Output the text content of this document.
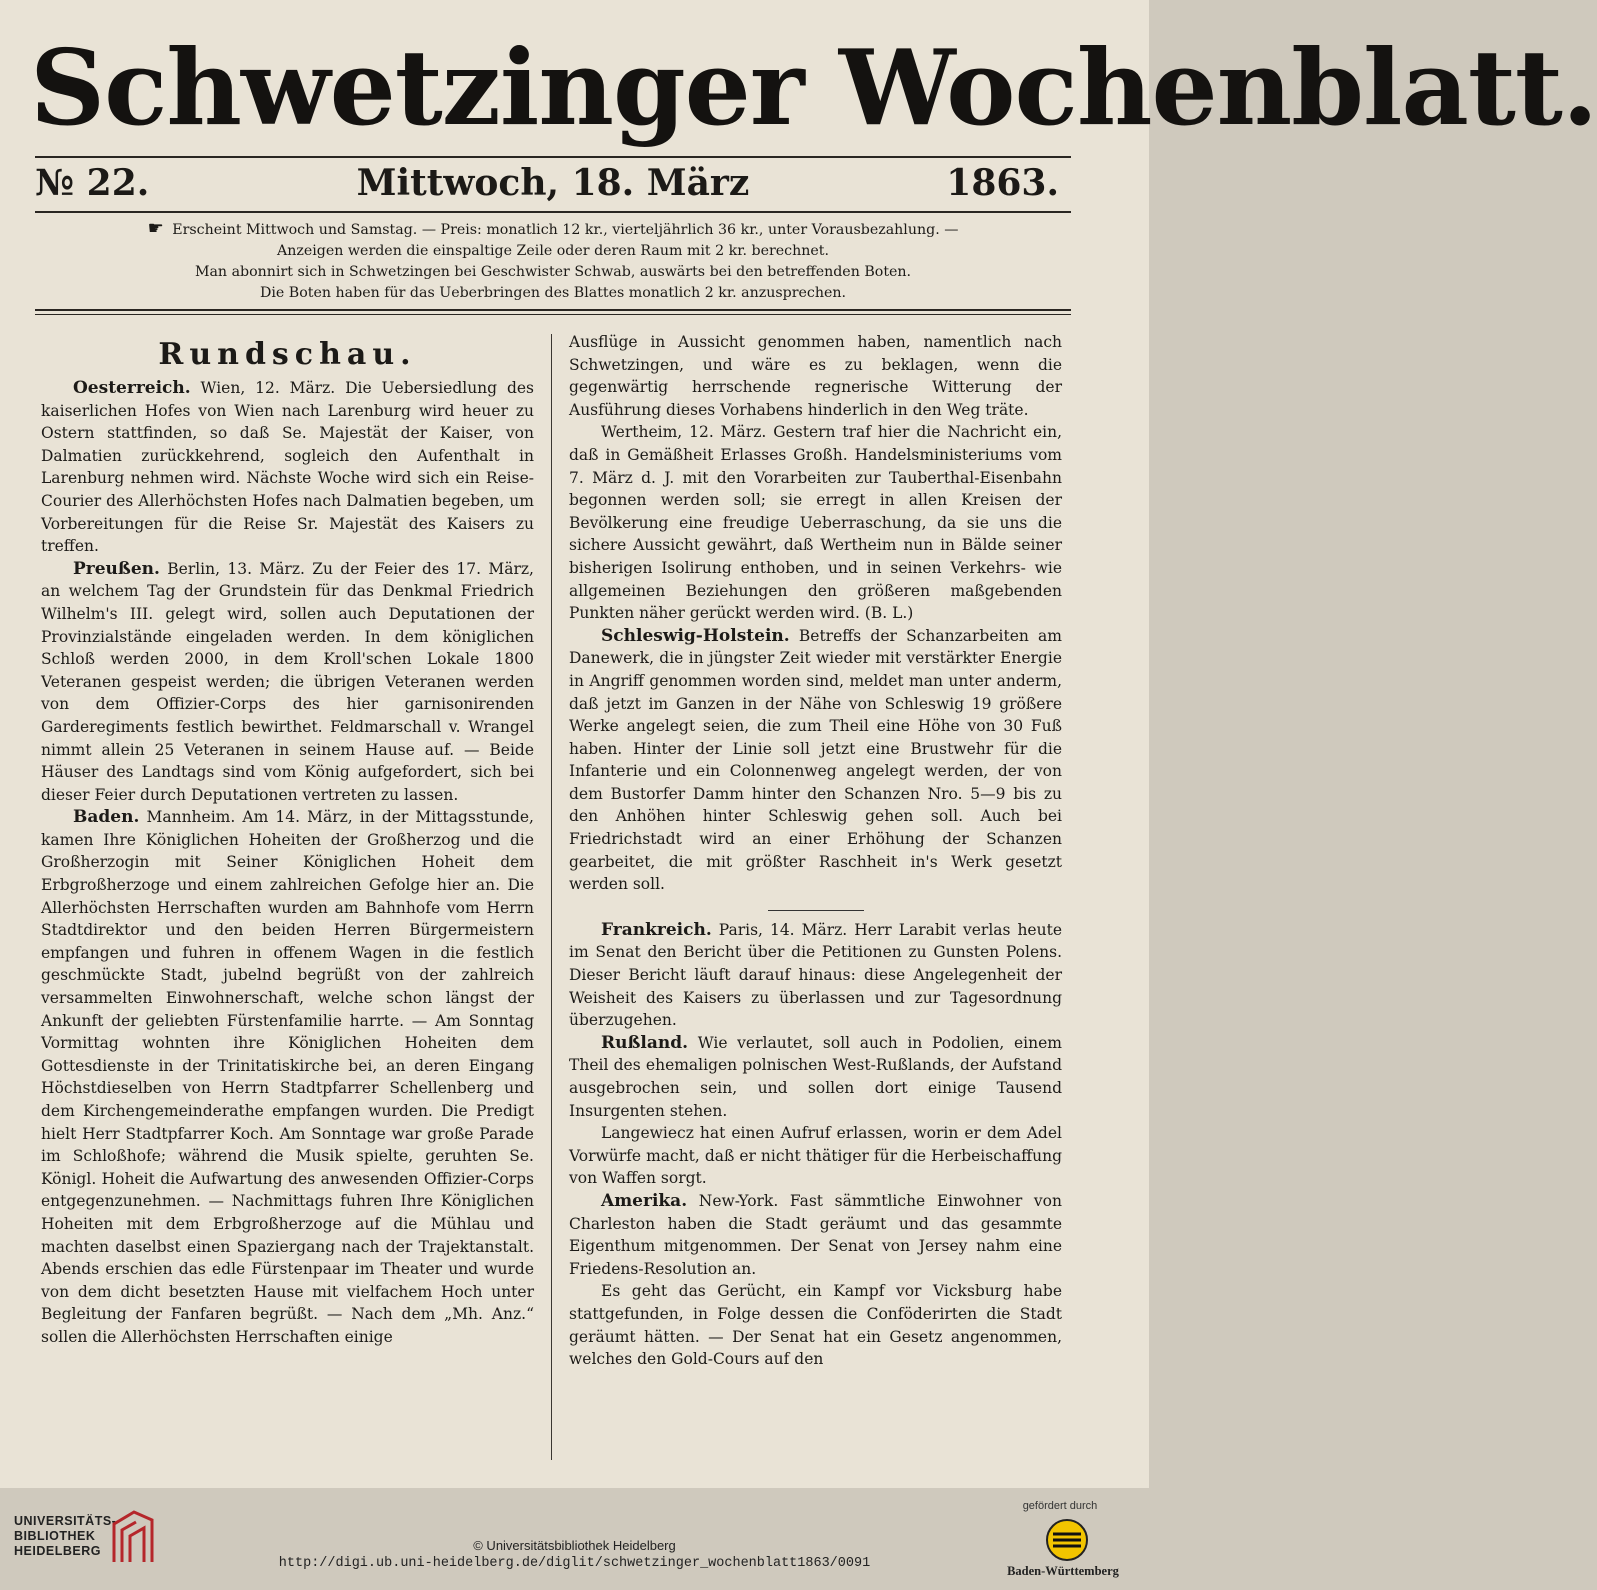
Schwetzinger Wochenblatt.
№ 22.	Mittwoch, 18. März	1863.
☛ Erscheint Mittwoch und Samstag. — Preis: monatlich 12 kr., vierteljährlich 36 kr., unter Vorausbezahlung. —
Anzeigen werden die einspaltige Zeile oder deren Raum mit 2 kr. berechnet.
Man abonnirt sich in Schwetzingen bei Geschwister Schwab, auswärts bei den betreffenden Boten.
Die Boten haben für das Ueberbringen des Blattes monatlich 2 kr. anzusprechen.
Rundschau.

Oesterreich. Wien, 12. März. Die Uebersiedlung des kaiserlichen Hofes von Wien nach Larenburg wird heuer zu Ostern stattfinden, so daß Se. Majestät der Kaiser, von Dalmatien zurückkehrend, sogleich den Aufenthalt in Larenburg nehmen wird. Nächste Woche wird sich ein Reise-Courier des Allerhöchsten Hofes nach Dalmatien begeben, um Vorbereitungen für die Reise Sr. Majestät des Kaisers zu treffen.

Preußen. Berlin, 13. März. Zu der Feier des 17. März, an welchem Tag der Grundstein für das Denkmal Friedrich Wilhelm's III. gelegt wird, sollen auch Deputationen der Provinzialstände eingeladen werden. In dem königlichen Schloß werden 2000, in dem Kroll'schen Lokale 1800 Veteranen gespeist werden; die übrigen Veteranen werden von dem Offizier-Corps des hier garnisonirenden Garderegiments festlich bewirthet. Feldmarschall v. Wrangel nimmt allein 25 Veteranen in seinem Hause auf. — Beide Häuser des Landtags sind vom König aufgefordert, sich bei dieser Feier durch Deputationen vertreten zu lassen.

Baden. Mannheim. Am 14. März, in der Mittagsstunde, kamen Ihre Königlichen Hoheiten der Großherzog und die Großherzogin mit Seiner Königlichen Hoheit dem Erbgroßherzoge und einem zahlreichen Gefolge hier an. Die Allerhöchsten Herrschaften wurden am Bahnhofe vom Herrn Stadtdirektor und den beiden Herren Bürgermeistern empfangen und fuhren in offenem Wagen in die festlich geschmückte Stadt, jubelnd begrüßt von der zahlreich versammelten Einwohnerschaft, welche schon längst der Ankunft der geliebten Fürstenfamilie harrte. — Am Sonntag Vormittag wohnten ihre Königlichen Hoheiten dem Gottesdienste in der Trinitatiskirche bei, an deren Eingang Höchstdieselben von Herrn Stadtpfarrer Schellenberg und dem Kirchengemeinderathe empfangen wurden. Die Predigt hielt Herr Stadtpfarrer Koch. Am Sonntage war große Parade im Schloßhofe; während die Musik spielte, geruhten Se. Königl. Hoheit die Aufwartung des anwesenden Offizier-Corps entgegenzunehmen. — Nachmittags fuhren Ihre Königlichen Hoheiten mit dem Erbgroßherzoge auf die Mühlau und machten daselbst einen Spaziergang nach der Trajektanstalt. Abends erschien das edle Fürstenpaar im Theater und wurde von dem dicht besetzten Hause mit vielfachem Hoch unter Begleitung der Fanfaren begrüßt. — Nach dem „Mh. Anz.“ sollen die Allerhöchsten Herrschaften einige

Ausflüge in Aussicht genommen haben, namentlich nach Schwetzingen, und wäre es zu beklagen, wenn die gegenwärtig herrschende regnerische Witterung der Ausführung dieses Vorhabens hinderlich in den Weg träte.

Wertheim, 12. März. Gestern traf hier die Nachricht ein, daß in Gemäßheit Erlasses Großh. Handelsministeriums vom 7. März d. J. mit den Vorarbeiten zur Tauberthal-Eisenbahn begonnen werden soll; sie erregt in allen Kreisen der Bevölkerung eine freudige Ueberraschung, da sie uns die sichere Aussicht gewährt, daß Wertheim nun in Bälde seiner bisherigen Isolirung enthoben, und in seinen Verkehrs- wie allgemeinen Beziehungen den größeren maßgebenden Punkten näher gerückt werden wird. (B. L.)

Schleswig-Holstein. Betreffs der Schanzarbeiten am Danewerk, die in jüngster Zeit wieder mit verstärkter Energie in Angriff genommen worden sind, meldet man unter anderm, daß jetzt im Ganzen in der Nähe von Schleswig 19 größere Werke angelegt seien, die zum Theil eine Höhe von 30 Fuß haben. Hinter der Linie soll jetzt eine Brustwehr für die Infanterie und ein Colonnenweg angelegt werden, der von dem Bustorfer Damm hinter den Schanzen Nro. 5—9 bis zu den Anhöhen hinter Schleswig gehen soll. Auch bei Friedrichstadt wird an einer Erhöhung der Schanzen gearbeitet, die mit größter Raschheit in's Werk gesetzt werden soll.

Frankreich. Paris, 14. März. Herr Larabit verlas heute im Senat den Bericht über die Petitionen zu Gunsten Polens. Dieser Bericht läuft darauf hinaus: diese Angelegenheit der Weisheit des Kaisers zu überlassen und zur Tagesordnung überzugehen.

Rußland. Wie verlautet, soll auch in Podolien, einem Theil des ehemaligen polnischen West-Rußlands, der Aufstand ausgebrochen sein, und sollen dort einige Tausend Insurgenten stehen.

Langewiecz hat einen Aufruf erlassen, worin er dem Adel Vorwürfe macht, daß er nicht thätiger für die Herbeischaffung von Waffen sorgt.

Amerika. New-York. Fast sämmtliche Einwohner von Charleston haben die Stadt geräumt und das gesammte Eigenthum mitgenommen. Der Senat von Jersey nahm eine Friedens-Resolution an.

Es geht das Gerücht, ein Kampf vor Vicksburg habe stattgefunden, in Folge dessen die Conföderirten die Stadt geräumt hätten. — Der Senat hat ein Gesetz angenommen, welches den Gold-Cours auf den

UNIVERSITÄTS-
BIBLIOTHEK
HEIDELBERG	© Universitätsbibliothek Heidelberg
http://digi.ub.uni-heidelberg.de/diglit/schwetzinger_wochenblatt1863/0091
gefördert durch
Baden-Württemberg
